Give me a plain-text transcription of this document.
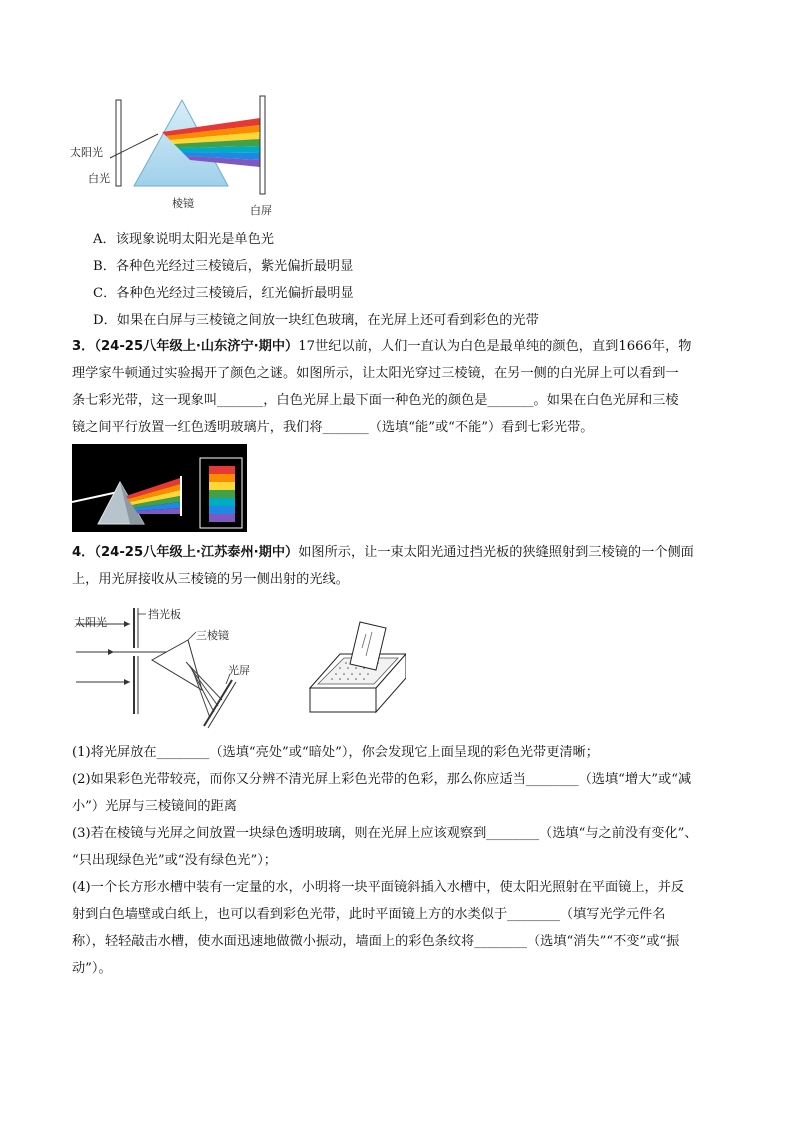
太阳光
白光
棱镜
白屏
A．该现象说明太阳光是单色光
B．各种色光经过三棱镜后，紫光偏折最明显
C．各种色光经过三棱镜后，红光偏折最明显
D．如果在白屏与三棱镜之间放一块红色玻璃，在光屏上还可看到彩色的光带
3．（24-25八年级上·山东济宁·期中）17世纪以前，人们一直认为白色是最单纯的颜色，直到1666年，物
理学家牛顿通过实验揭开了颜色之谜。如图所示，让太阳光穿过三棱镜，在另一侧的白光屏上可以看到一
条七彩光带，这一现象叫_______，白色光屏上最下面一种色光的颜色是_______。如果在白色光屏和三棱
镜之间平行放置一红色透明玻璃片，我们将_______（选填“能”或“不能”）看到七彩光带。
4．（24-25八年级上·江苏泰州·期中）如图所示，让一束太阳光通过挡光板的狭缝照射到三棱镜的一个侧面
上，用光屏接收从三棱镜的另一侧出射的光线。
太阳光
挡光板
三棱镜
光屏
(1)将光屏放在________（选填“亮处”或“暗处”），你会发现它上面呈现的彩色光带更清晰；
(2)如果彩色光带较亮，而你又分辨不清光屏上彩色光带的色彩，那么你应适当________（选填“增大”或“减
小”）光屏与三棱镜间的距离
(3)若在棱镜与光屏之间放置一块绿色透明玻璃，则在光屏上应该观察到________（选填“与之前没有变化”、
“只出现绿色光”或“没有绿色光”）；
(4)一个长方形水槽中装有一定量的水，小明将一块平面镜斜插入水槽中，使太阳光照射在平面镜上，并反
射到白色墙壁或白纸上，也可以看到彩色光带，此时平面镜上方的水类似于________（填写光学元件名
称），轻轻敲击水槽，使水面迅速地做微小振动，墙面上的彩色条纹将________（选填“消失”“不变”或“振
动”）。
